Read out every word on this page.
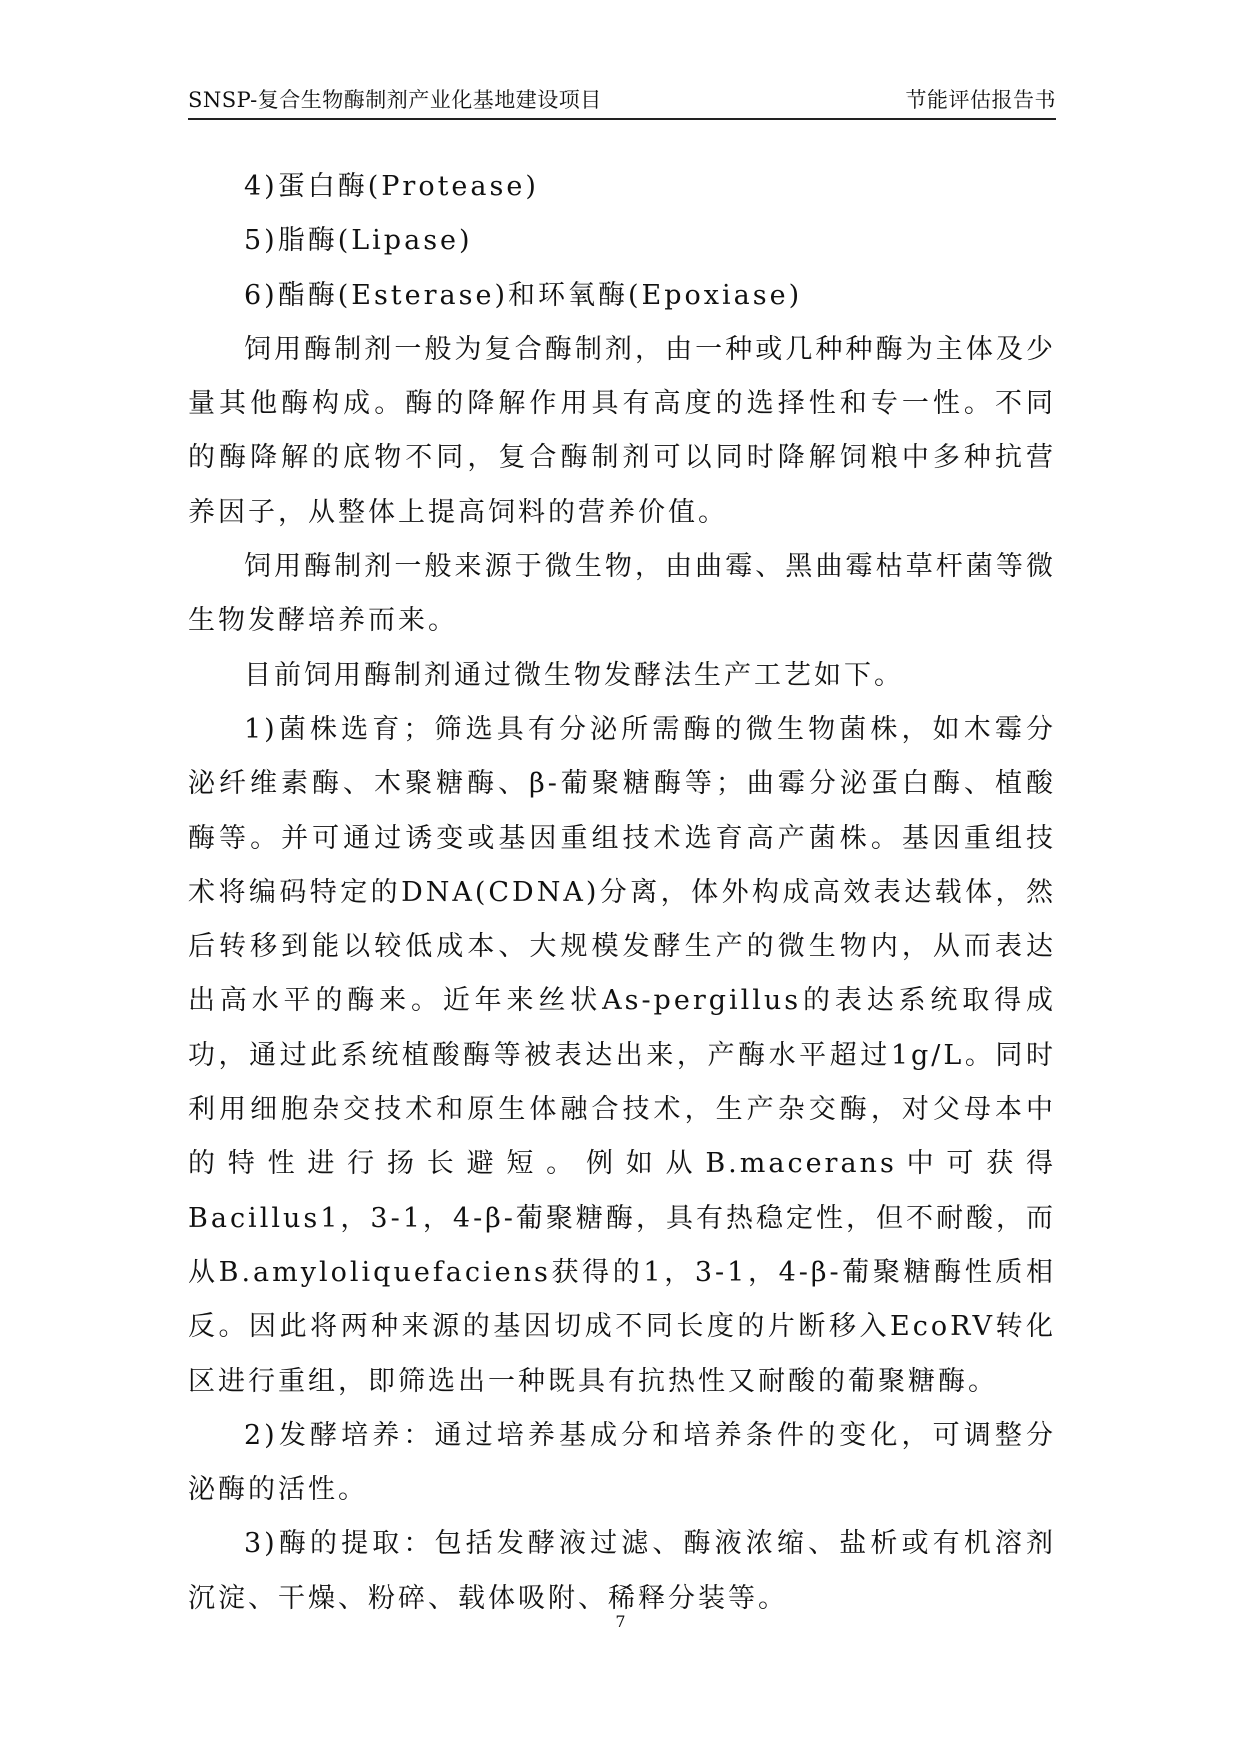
SNSP-复合生物酶制剂产业化基地建设项目	节能评估报告书

4)蛋白酶(Protease)

5)脂酶(Lipase)

6)酯酶(Esterase)和环氧酶(Epoxiase)

饲用酶制剂一般为复合酶制剂，由一种或几种种酶为主体及少量其他酶构成。酶的降解作用具有高度的选择性和专一性。不同的酶降解的底物不同，复合酶制剂可以同时降解饲粮中多种抗营养因子，从整体上提高饲料的营养价值。

饲用酶制剂一般来源于微生物，由曲霉、黑曲霉枯草杆菌等微生物发酵培养而来。

目前饲用酶制剂通过微生物发酵法生产工艺如下。

1)菌株选育；筛选具有分泌所需酶的微生物菌株，如木霉分泌纤维素酶、木聚糖酶、β-葡聚糖酶等；曲霉分泌蛋白酶、植酸酶等。并可通过诱变或基因重组技术选育高产菌株。基因重组技术将编码特定的DNA(CDNA)分离，体外构成高效表达载体，然后转移到能以较低成本、大规模发酵生产的微生物内，从而表达出高水平的酶来。近年来丝状As-pergillus的表达系统取得成功，通过此系统植酸酶等被表达出来，产酶水平超过1g/L。同时利用细胞杂交技术和原生体融合技术，生产杂交酶，对父母本中的特性进行扬长避短。例如从B.macerans中可获得Bacillus1，3-1，4-β-葡聚糖酶，具有热稳定性，但不耐酸，而从B.amyloliquefaciens获得的1，3-1，4-β-葡聚糖酶性质相反。因此将两种来源的基因切成不同长度的片断移入EcoRV转化区进行重组，即筛选出一种既具有抗热性又耐酸的葡聚糖酶。

2)发酵培养：通过培养基成分和培养条件的变化，可调整分泌酶的活性。

3)酶的提取：包括发酵液过滤、酶液浓缩、盐析或有机溶剂沉淀、干燥、粉碎、载体吸附、稀释分装等。

7
